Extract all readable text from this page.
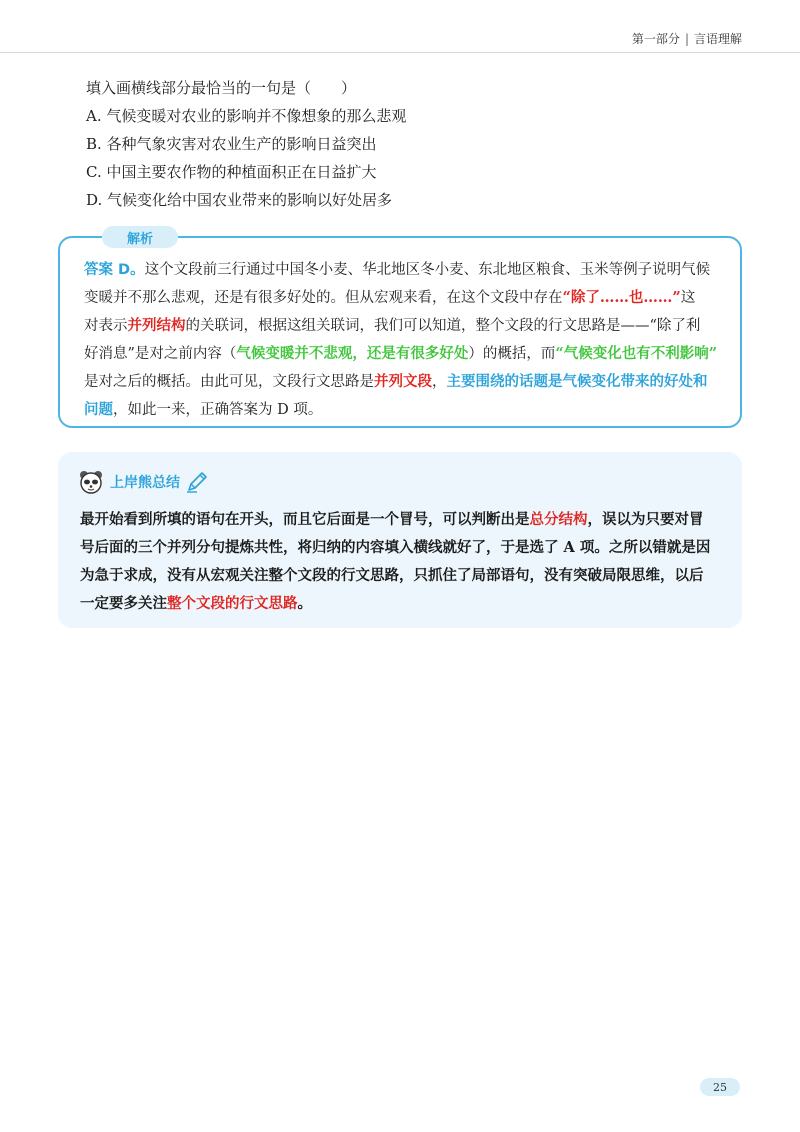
第一部分 | 言语理解
填入画横线部分最恰当的一句是（　　）
A. 气候变暖对农业的影响并不像想象的那么悲观
B. 各种气象灾害对农业生产的影响日益突出
C. 中国主要农作物的种植面积正在日益扩大
D. 气候变化给中国农业带来的影响以好处居多
解析
答案 D。这个文段前三行通过中国冬小麦、华北地区冬小麦、东北地区粮食、玉米等例子说明气候
变暖并不那么悲观，还是有很多好处的。但从宏观来看，在这个文段中存在“除了……也……”这
对表示并列结构的关联词，根据这组关联词，我们可以知道，整个文段的行文思路是——“除了利
好消息”是对之前内容（气候变暖并不悲观，还是有很多好处）的概括，而“气候变化也有不利影响”
是对之后的概括。由此可见，文段行文思路是并列文段，主要围绕的话题是气候变化带来的好处和
问题，如此一来，正确答案为 D 项。
上岸熊总结
最开始看到所填的语句在开头，而且它后面是一个冒号，可以判断出是总分结构，误以为只要对冒
号后面的三个并列分句提炼共性，将归纳的内容填入横线就好了，于是选了 A 项。之所以错就是因
为急于求成，没有从宏观关注整个文段的行文思路，只抓住了局部语句，没有突破局限思维，以后
一定要多关注整个文段的行文思路。
25
